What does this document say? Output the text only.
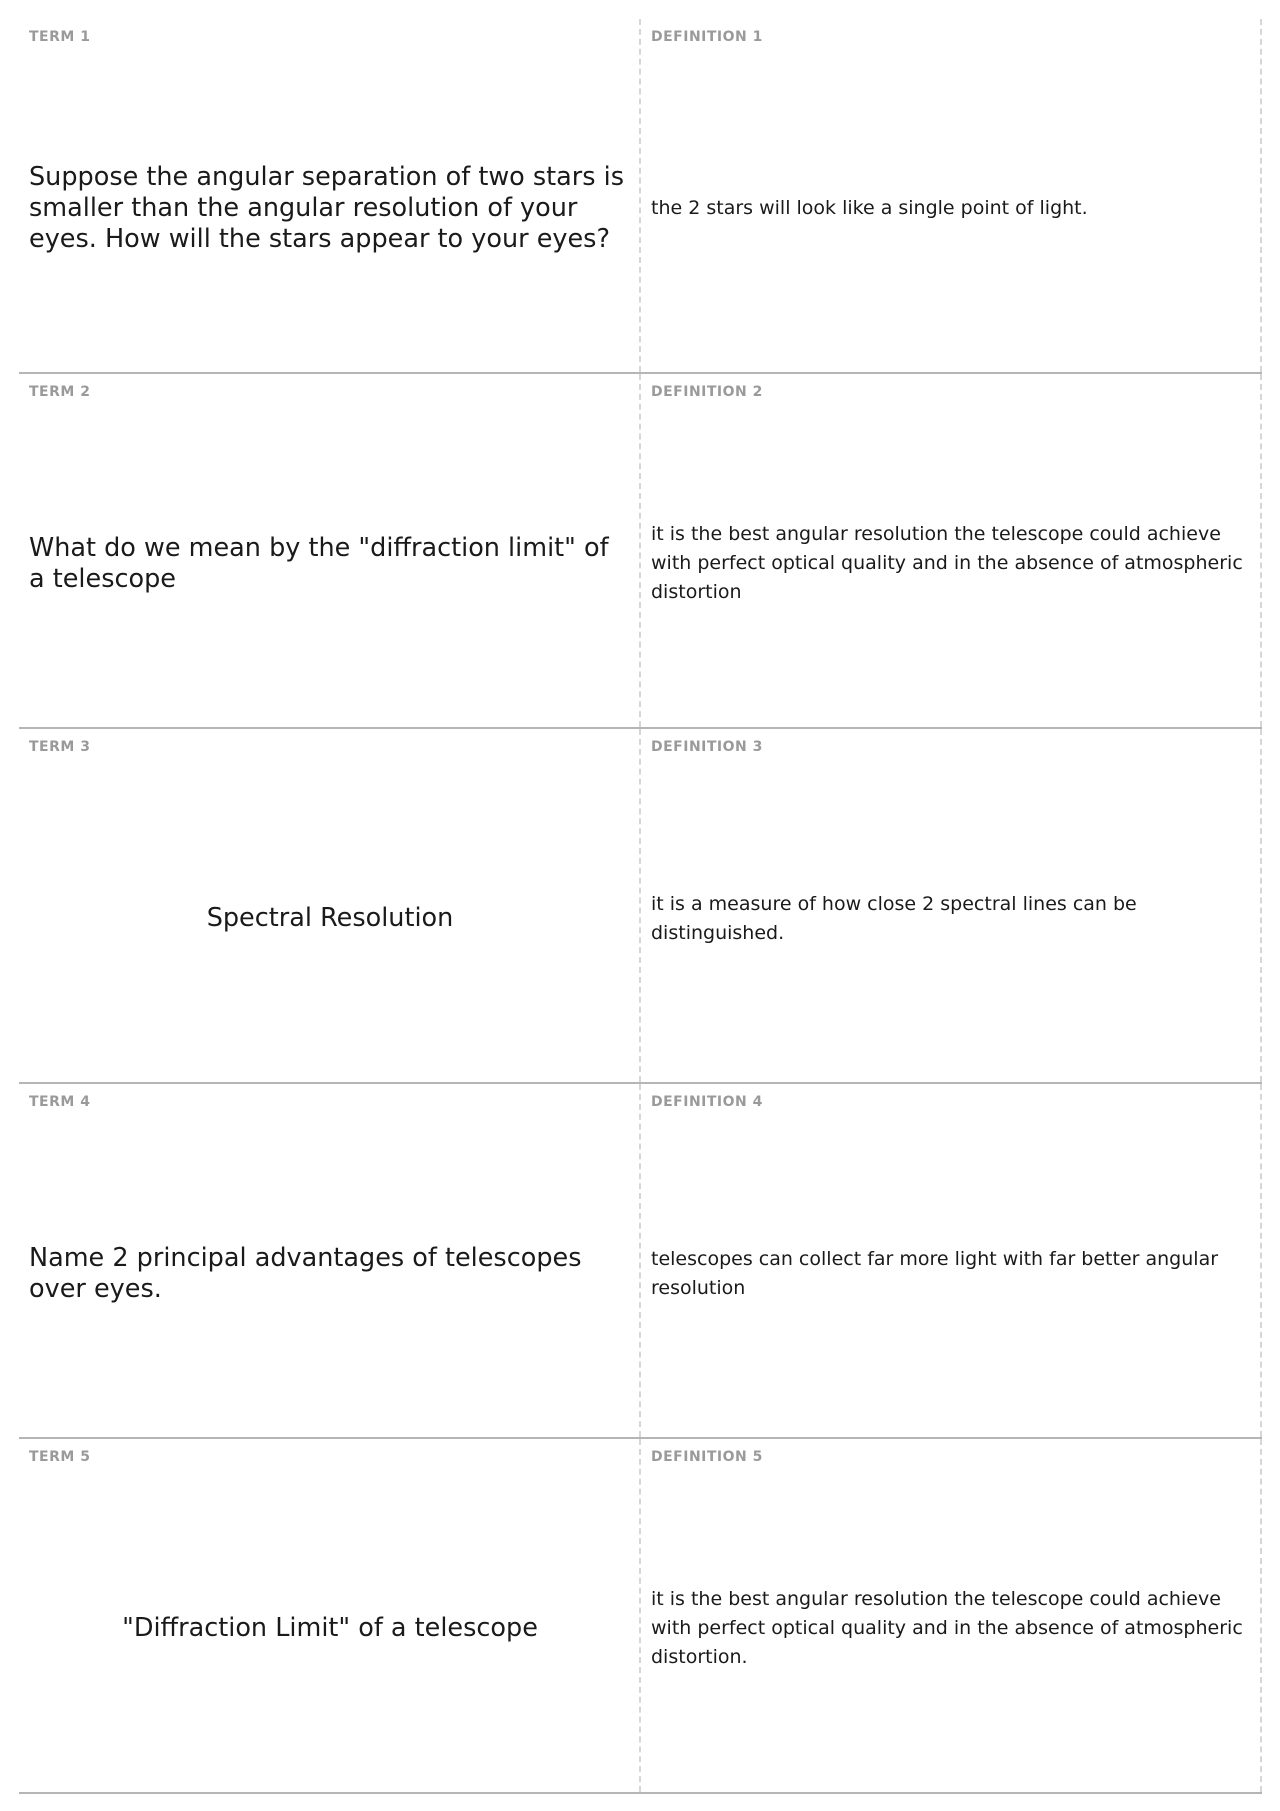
TERM 1
Suppose the angular separation of two stars is smaller than the angular resolution of your eyes. How will the stars appear to your eyes?
DEFINITION 1
the 2 stars will look like a single point of light.
TERM 2
What do we mean by the "diffraction limit" of a telescope
DEFINITION 2
it is the best angular resolution the telescope could achieve with perfect optical quality and in the absence of atmospheric distortion
TERM 3
Spectral Resolution
DEFINITION 3
it is a measure of how close 2 spectral lines can be distinguished.
TERM 4
Name 2 principal advantages of telescopes over eyes.
DEFINITION 4
telescopes can collect far more light with far better angular resolution
TERM 5
"Diffraction Limit" of a telescope
DEFINITION 5
it is the best angular resolution the telescope could achieve with perfect optical quality and in the absence of atmospheric distortion.
